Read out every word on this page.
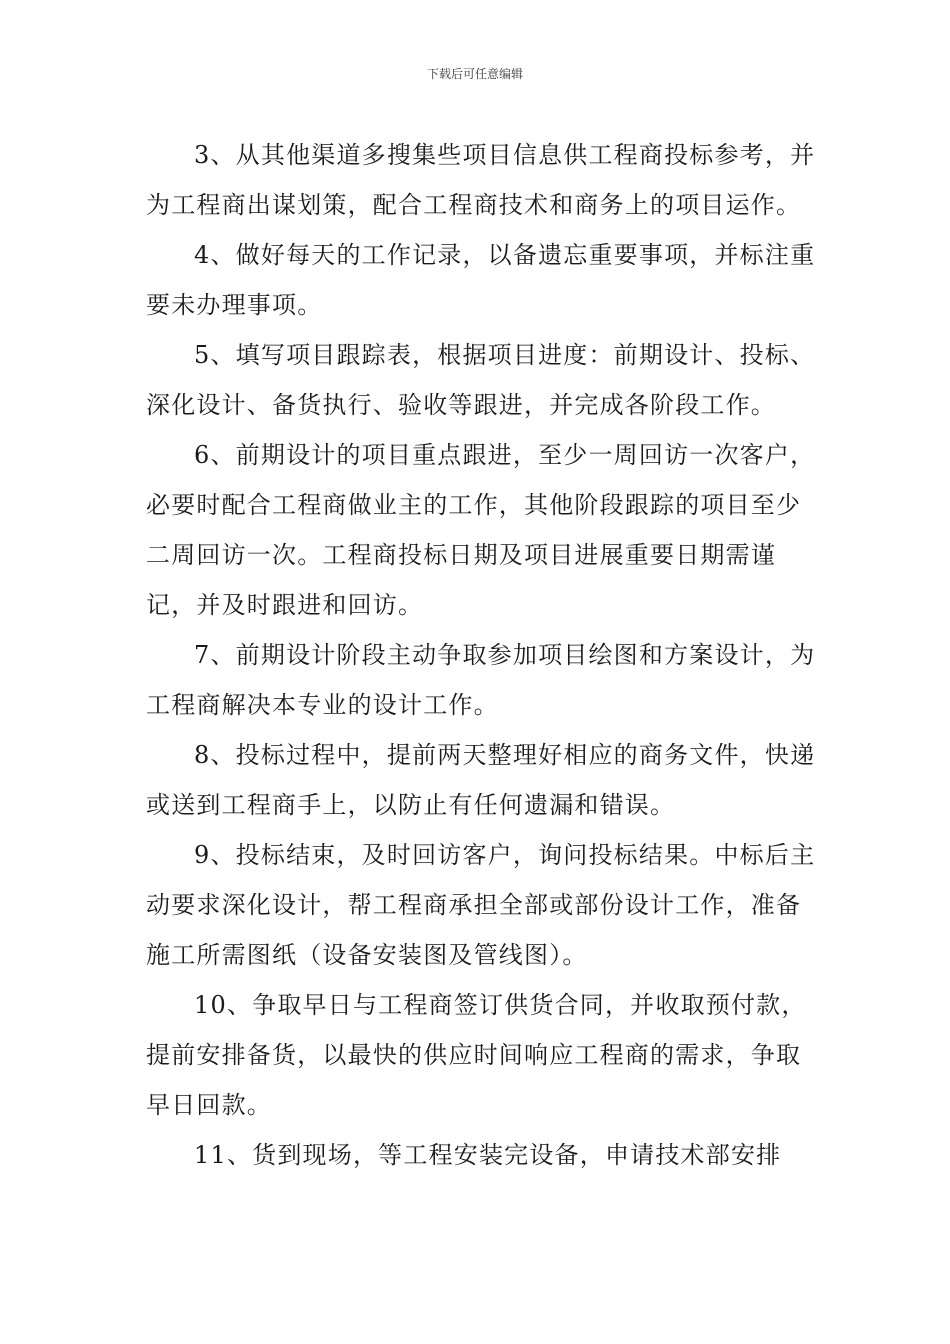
下载后可任意编辑

3、从其他渠道多搜集些项目信息供工程商投标参考，并为工程商出谋划策，配合工程商技术和商务上的项目运作。

4、做好每天的工作记录，以备遗忘重要事项，并标注重要未办理事项。

5、填写项目跟踪表，根据项目进度：前期设计、投标、深化设计、备货执行、验收等跟进，并完成各阶段工作。

6、前期设计的项目重点跟进，至少一周回访一次客户，必要时配合工程商做业主的工作，其他阶段跟踪的项目至少二周回访一次。工程商投标日期及项目进展重要日期需谨记，并及时跟进和回访。

7、前期设计阶段主动争取参加项目绘图和方案设计，为工程商解决本专业的设计工作。

8、投标过程中，提前两天整理好相应的商务文件，快递或送到工程商手上，以防止有任何遗漏和错误。

9、投标结束，及时回访客户，询问投标结果。中标后主动要求深化设计，帮工程商承担全部或部份设计工作，准备施工所需图纸（设备安装图及管线图）。

10、争取早日与工程商签订供货合同，并收取预付款，提前安排备货，以最快的供应时间响应工程商的需求，争取早日回款。

11、货到现场，等工程安装完设备，申请技术部安排
